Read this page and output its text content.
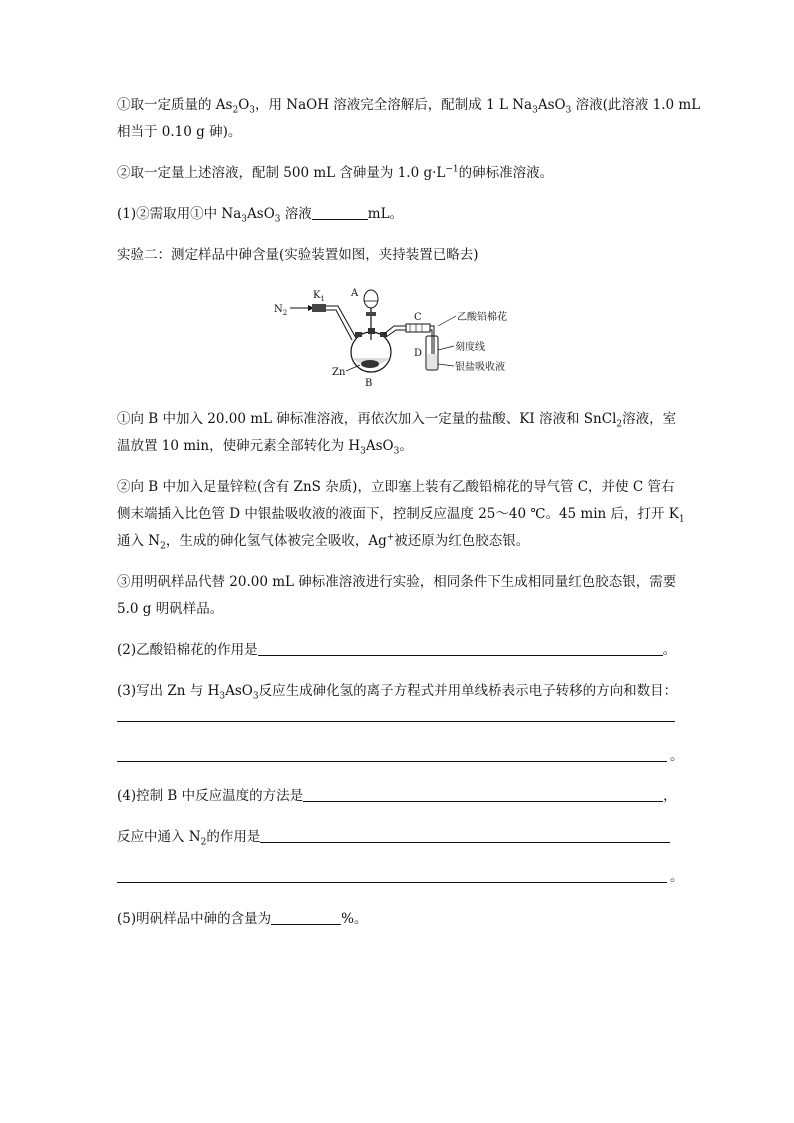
①取一定质量的 $As_2O_3$，用 NaOH 溶液完全溶解后，配制成 1 L $Na_3AsO_3$ 溶液(此溶液 1.0 mL
相当于 0.10 g 砷)。
②取一定量上述溶液，配制 500 mL 含砷量为 1.0 $g\cdot L^{-1}$的砷标准溶液。
(1)②需取用①中 $Na_3AsO_3$ 溶液	mL。
实验二：测定样品中砷含量(实验装置如图，夹持装置已略去)
$N_2$
$K_1$	A
Zn
B
C
D
乙酸铅棉花
刻度线
银盐吸收液
①向 B 中加入 20.00 mL 砷标准溶液，再依次加入一定量的盐酸、KI 溶液和 SnCl$_2$溶液，室
温放置 10 min，使砷元素全部转化为 $H_3AsO_3$。
②向 B 中加入足量锌粒(含有 ZnS 杂质)，立即塞上装有乙酸铅棉花的导气管 C，并使 C 管右
侧末端插入比色管 D 中银盐吸收液的液面下，控制反应温度 25～40 ℃。45 min 后，打开 $K_1$
通入 $N_2$，生成的砷化氢气体被完全吸收，Ag+被还原为红色胶态银。
③用明矾样品代替 20.00 mL 砷标准溶液进行实验，相同条件下生成相同量红色胶态银，需要
5.0 g 明矾样品。
(2)乙酸铅棉花的作用是	。
(3)写出 Zn 与 $H_3AsO_3$反应生成砷化氢的离子方程式并用单线桥表示电子转移的方向和数目：
。
(4)控制 B 中反应温度的方法是	，
反应中通入 $N_2$的作用是
。
(5)明矾样品中砷的含量为	%。
